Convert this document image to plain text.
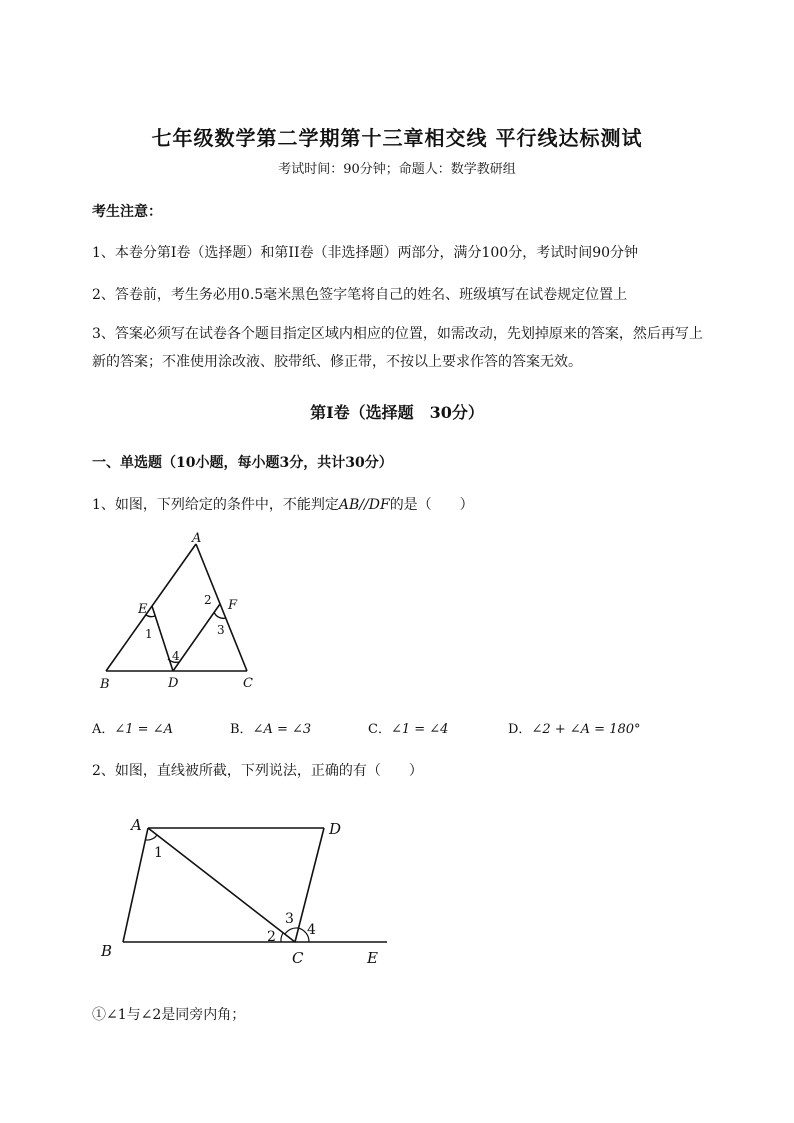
七年级数学第二学期第十三章相交线 平行线达标测试
考试时间：90分钟；命题人：数学教研组
考生注意：
1、本卷分第I卷（选择题）和第II卷（非选择题）两部分，满分100分，考试时间90分钟
2、答卷前，考生务必用0.5毫米黑色签字笔将自己的姓名、班级填写在试卷规定位置上
3、答案必须写在试卷各个题目指定区域内相应的位置，如需改动，先划掉原来的答案，然后再写上新的答案；不准使用涂改液、胶带纸、修正带，不按以上要求作答的答案无效。
第I卷（选择题　30分）
一、单选题（10小题，每小题3分，共计30分）
1、如图，下列给定的条件中，不能判定AB//DF的是（　　）
A
B	C
D
E	F
1
2
3
4
A．∠1 = ∠A	B．∠A = ∠3	C．∠1 = ∠4	D．∠2 + ∠A = 180°
2、如图，直线被所截，下列说法，正确的有（　　）
A	D
B	C	E
1
2
3
4
①∠1与∠2是同旁内角；
